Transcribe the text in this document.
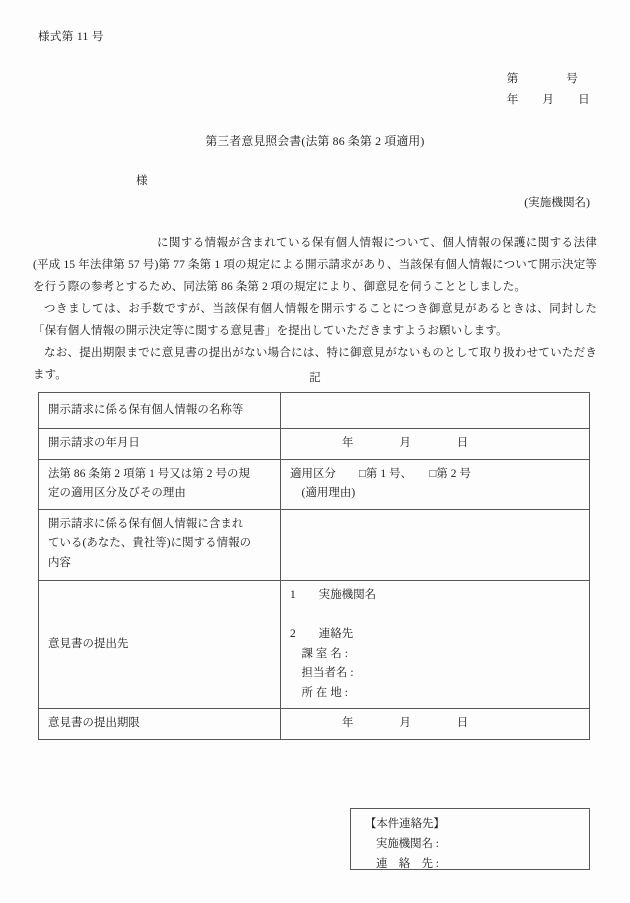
様式第 11 号
第　　　　号
年　　月　　日
第三者意見照会書(法第 86 条第 2 項適用)
様
(実施機関名)

に関する情報が含まれている保有個人情報について、個人情報の保護に関する法律(平成 15 年法律第 57 号)第 77 条第 1 項の規定による開示請求があり、当該保有個人情報について開示決定等を行う際の参考とするため、同法第 86 条第 2 項の規定により、御意見を伺うこととしました。

つきましては、お手数ですが、当該保有個人情報を開示することにつき御意見があるときは、同封した「保有個人情報の開示決定等に関する意見書」を提出していただきますようお願いします。

なお、提出期限までに意見書の提出がない場合には、特に御意見がないものとして取り扱わせていただきます。	記
開示請求に係る保有個人情報の名称等	
開示請求の年月日	年　　　　月　　　　日

法第 86 条第 2 項第 1 号又は第 2 号の規
定の適用区分及びその理由	適用区分　　□第 1 号、　　□第 2 号
　(適用理由)

開示請求に係る保有個人情報に含まれ
ている(あなた、貴社等)に関する情報の
内容	

意見書の提出先	1　　実施機関名
2　　連絡先
　課 室 名 :
　担当者名 :
　所 在 地 :

意見書の提出期限	年　　　　月　　　　日
【本件連絡先】
実施機関名 :
連　絡　先 :
